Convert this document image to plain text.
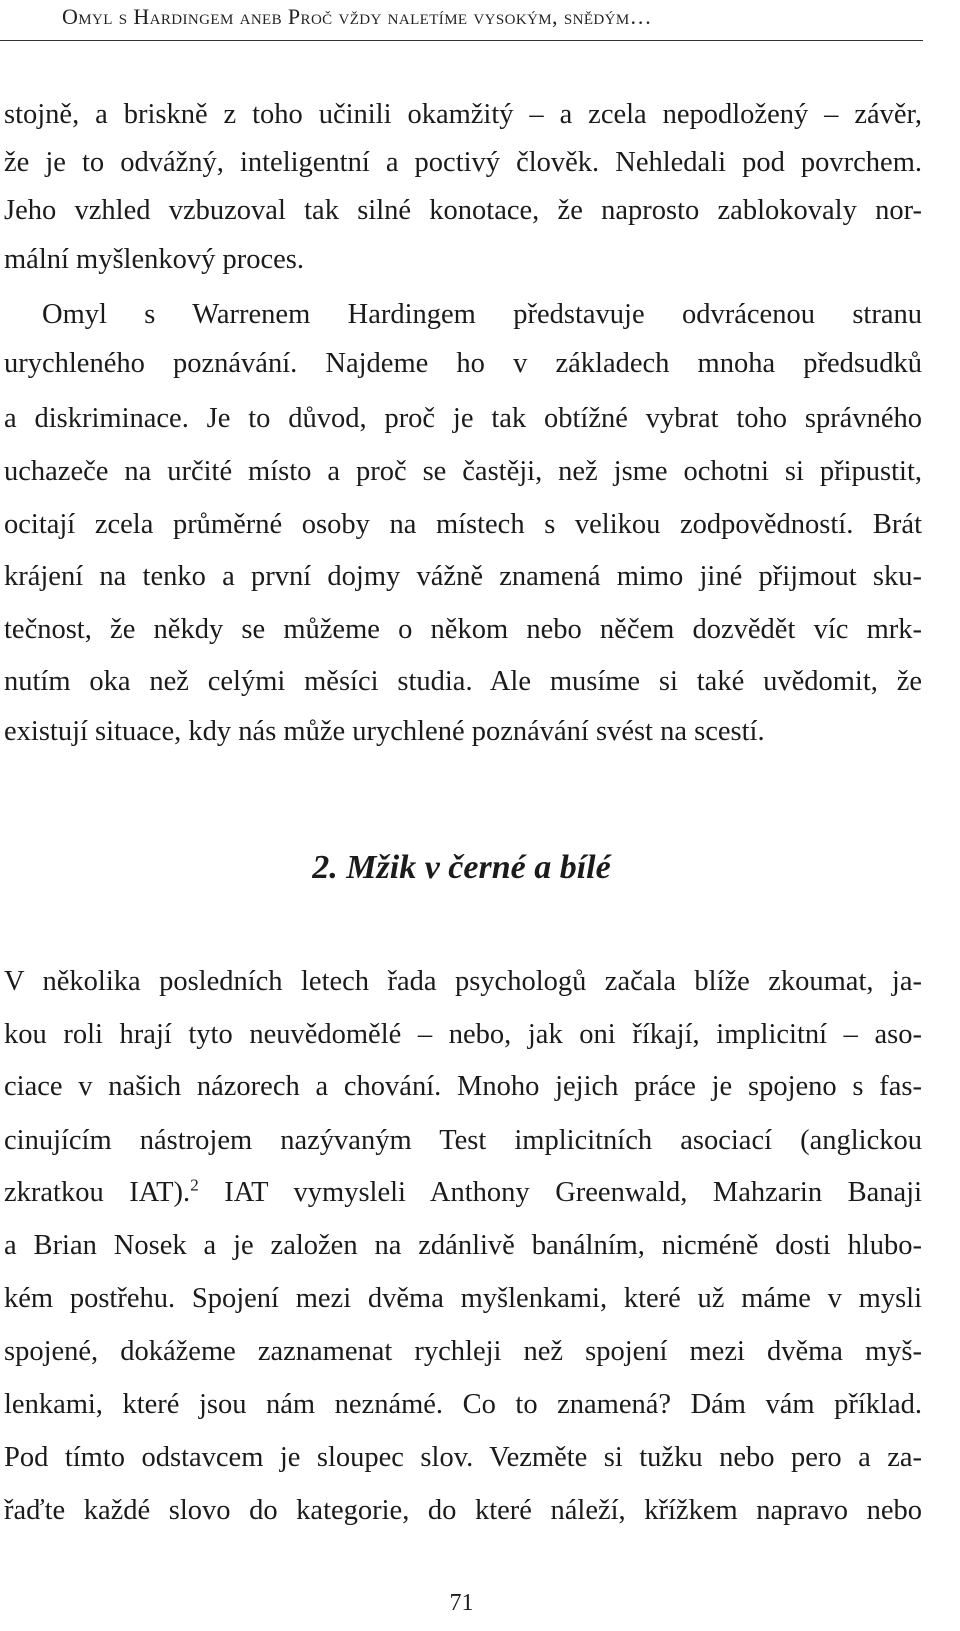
Omyl s Hardingem aneb Proč vždy naletíme vysokým, snědým…
stojně, a briskně z toho učinili okamžitý – a zcela nepodložený – závěr,
že je to odvážný, inteligentní a poctivý člověk. Nehledali pod povrchem.
Jeho vzhled vzbuzoval tak silné konotace, že naprosto zablokovaly nor-
mální myšlenkový proces.
Omyl s Warrenem Hardingem představuje odvrácenou stranu
urychleného poznávání. Najdeme ho v základech mnoha předsudků
a diskriminace. Je to důvod, proč je tak obtížné vybrat toho správného
uchazeče na určité místo a proč se častěji, než jsme ochotni si připustit,
ocitají zcela průměrné osoby na místech s velikou zodpovědností. Brát
krájení na tenko a první dojmy vážně znamená mimo jiné přijmout sku-
tečnost, že někdy se můžeme o někom nebo něčem dozvědět víc mrk-
nutím oka než celými měsíci studia. Ale musíme si také uvědomit, že
existují situace, kdy nás může urychlené poznávání svést na scestí.
2. Mžik v černé a bílé
V několika posledních letech řada psychologů začala blíže zkoumat, ja-
kou roli hrají tyto neuvědomělé – nebo, jak oni říkají, implicitní – aso-
ciace v našich názorech a chování. Mnoho jejich práce je spojeno s fas-
cinujícím nástrojem nazývaným Test implicitních asociací (anglickou
zkratkou IAT).$^2$ IAT vymysleli Anthony Greenwald, Mahzarin Banaji
a Brian Nosek a je založen na zdánlivě banálním, nicméně dosti hlubo-
kém postřehu. Spojení mezi dvěma myšlenkami, které už máme v mysli
spojené, dokážeme zaznamenat rychleji než spojení mezi dvěma myš-
lenkami, které jsou nám neznámé. Co to znamená? Dám vám příklad.
Pod tímto odstavcem je sloupec slov. Vezměte si tužku nebo pero a za-
řaďte každé slovo do kategorie, do které náleží, křížkem napravo nebo
71
